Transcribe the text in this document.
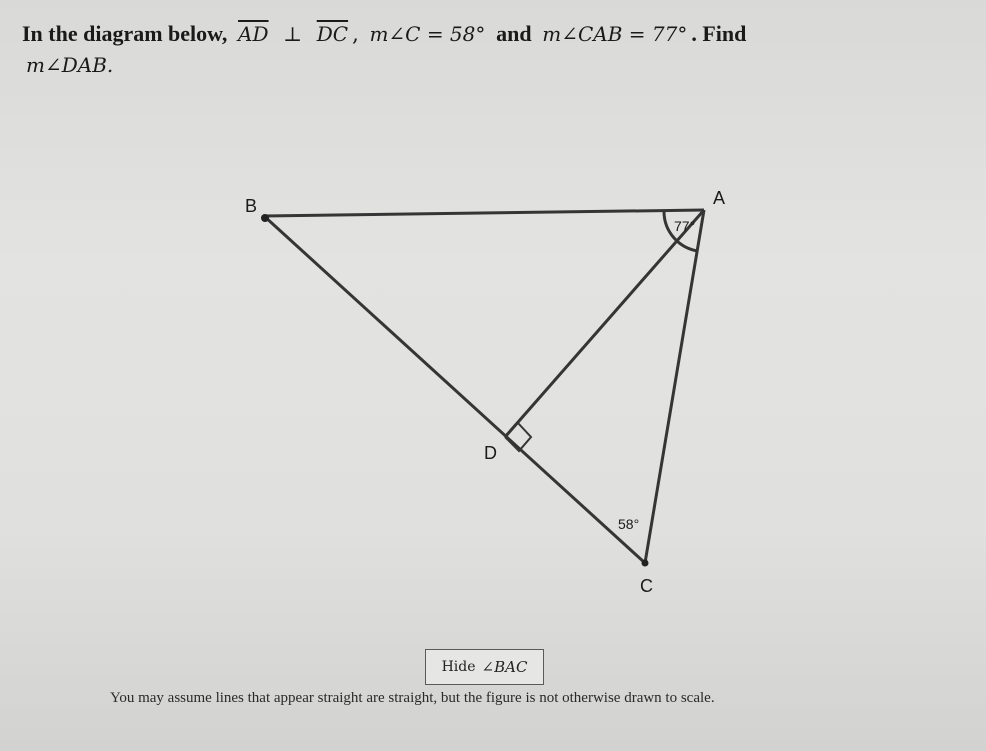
In the diagram below, $\overline{AD}$ ⊥ $\overline{DC}$ , m∠C = 58° and m∠CAB = 77° . Find
m∠DAB.
B	A
D
C
77°
58°
Hide ∠BAC
You may assume lines that appear straight are straight, but the figure is not otherwise drawn to scale.
